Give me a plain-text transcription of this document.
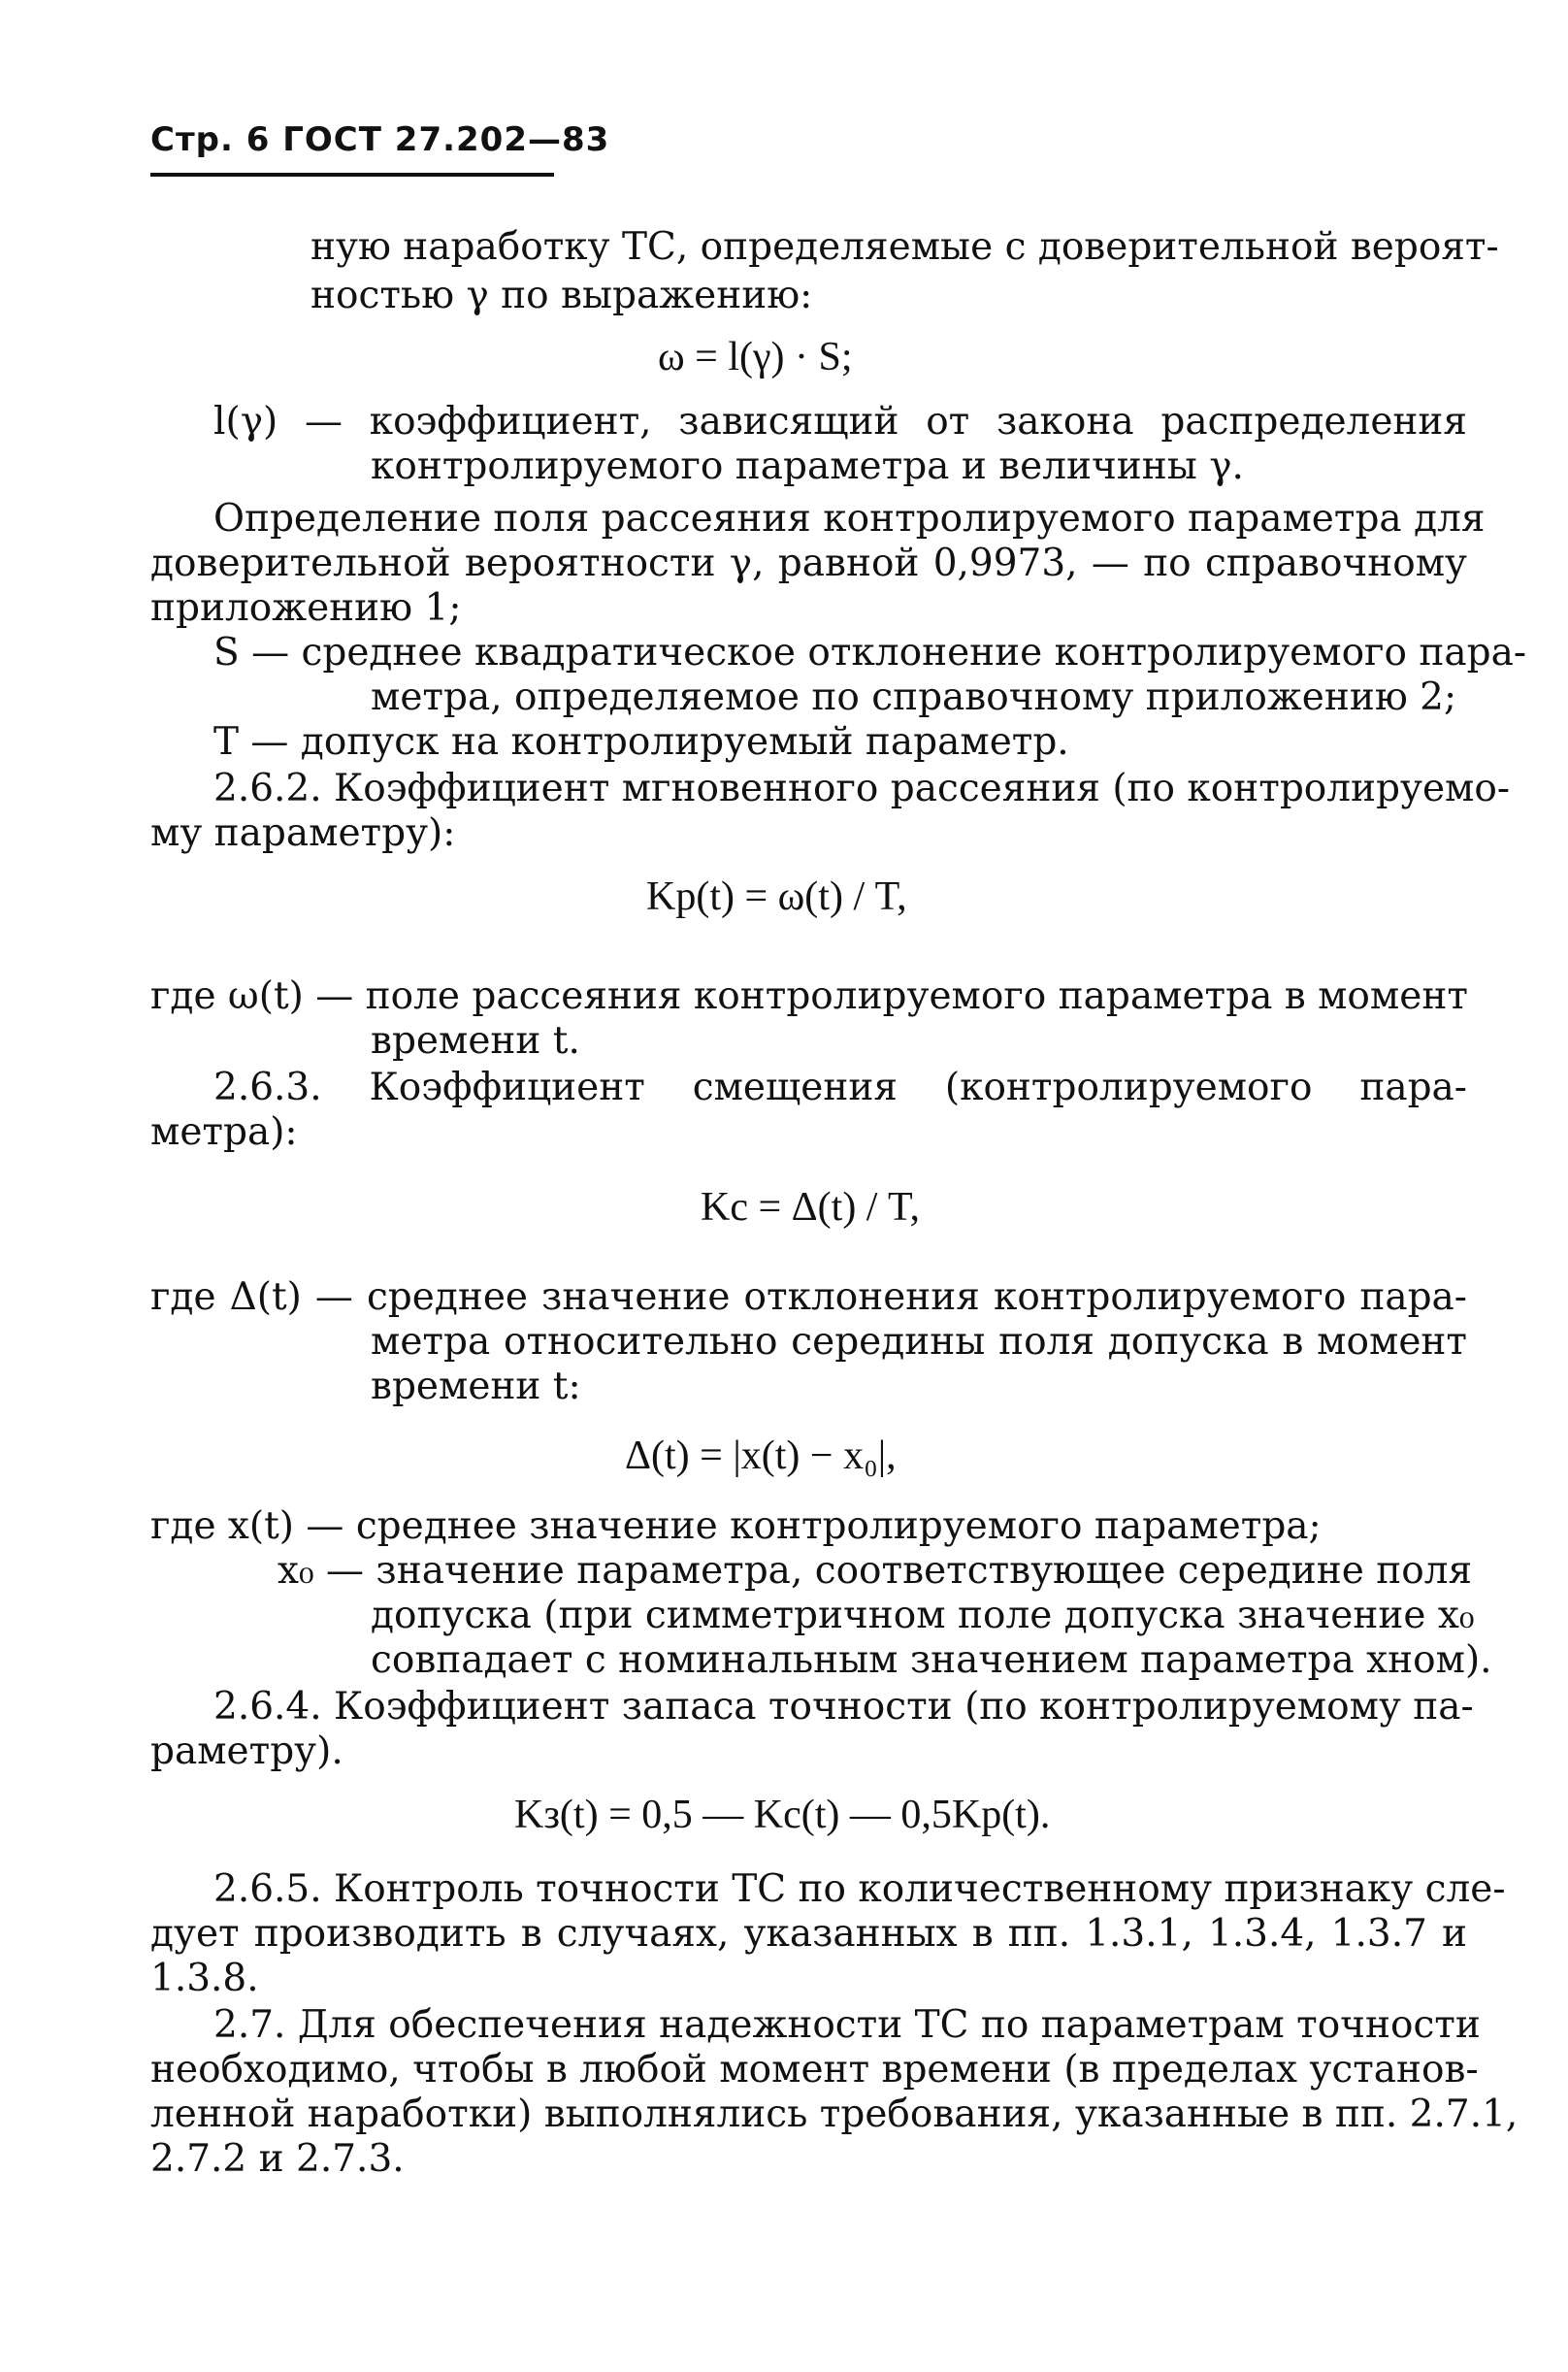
Стр. 6 ГОСТ 27.202—83
ную наработку ТС, определяемые с доверительной вероят-
ностью γ по выражению:
ω = l(γ) · S;
l(γ) — коэффициент, зависящий от закона распределения
контролируемого параметра и величины γ.
Определение поля рассеяния контролируемого параметра для
доверительной вероятности γ, равной 0,9973, — по справочному
приложению 1;
S — среднее квадратическое отклонение контролируемого пара-
метра, определяемое по справочному приложению 2;
T — допуск на контролируемый параметр.
2.6.2. Коэффициент мгновенного рассеяния (по контролируемо-
му параметру):
Kр(t) = ω(t) / T,
где ω(t) — поле рассеяния контролируемого параметра в момент
времени t.
2.6.3. Коэффициент смещения (контролируемого пара-
метра):
Kс = Δ(t) / T,
где Δ(t) — среднее значение отклонения контролируемого пара-
метра относительно середины поля допуска в момент
времени t:
Δ(t) = |x(t) − x₀|,
где x(t) — среднее значение контролируемого параметра;
x₀ — значение параметра, соответствующее середине поля
допуска (при симметричном поле допуска значение x₀
совпадает с номинальным значением параметра xном).
2.6.4. Коэффициент запаса точности (по контролируемому па-
раметру).
Kз(t) = 0,5 — Kс(t) — 0,5Kр(t).
2.6.5. Контроль точности ТС по количественному признаку сле-
дует производить в случаях, указанных в пп. 1.3.1, 1.3.4, 1.3.7 и
1.3.8.
2.7. Для обеспечения надежности ТС по параметрам точности
необходимо, чтобы в любой момент времени (в пределах установ-
ленной наработки) выполнялись требования, указанные в пп. 2.7.1,
2.7.2 и 2.7.3.
